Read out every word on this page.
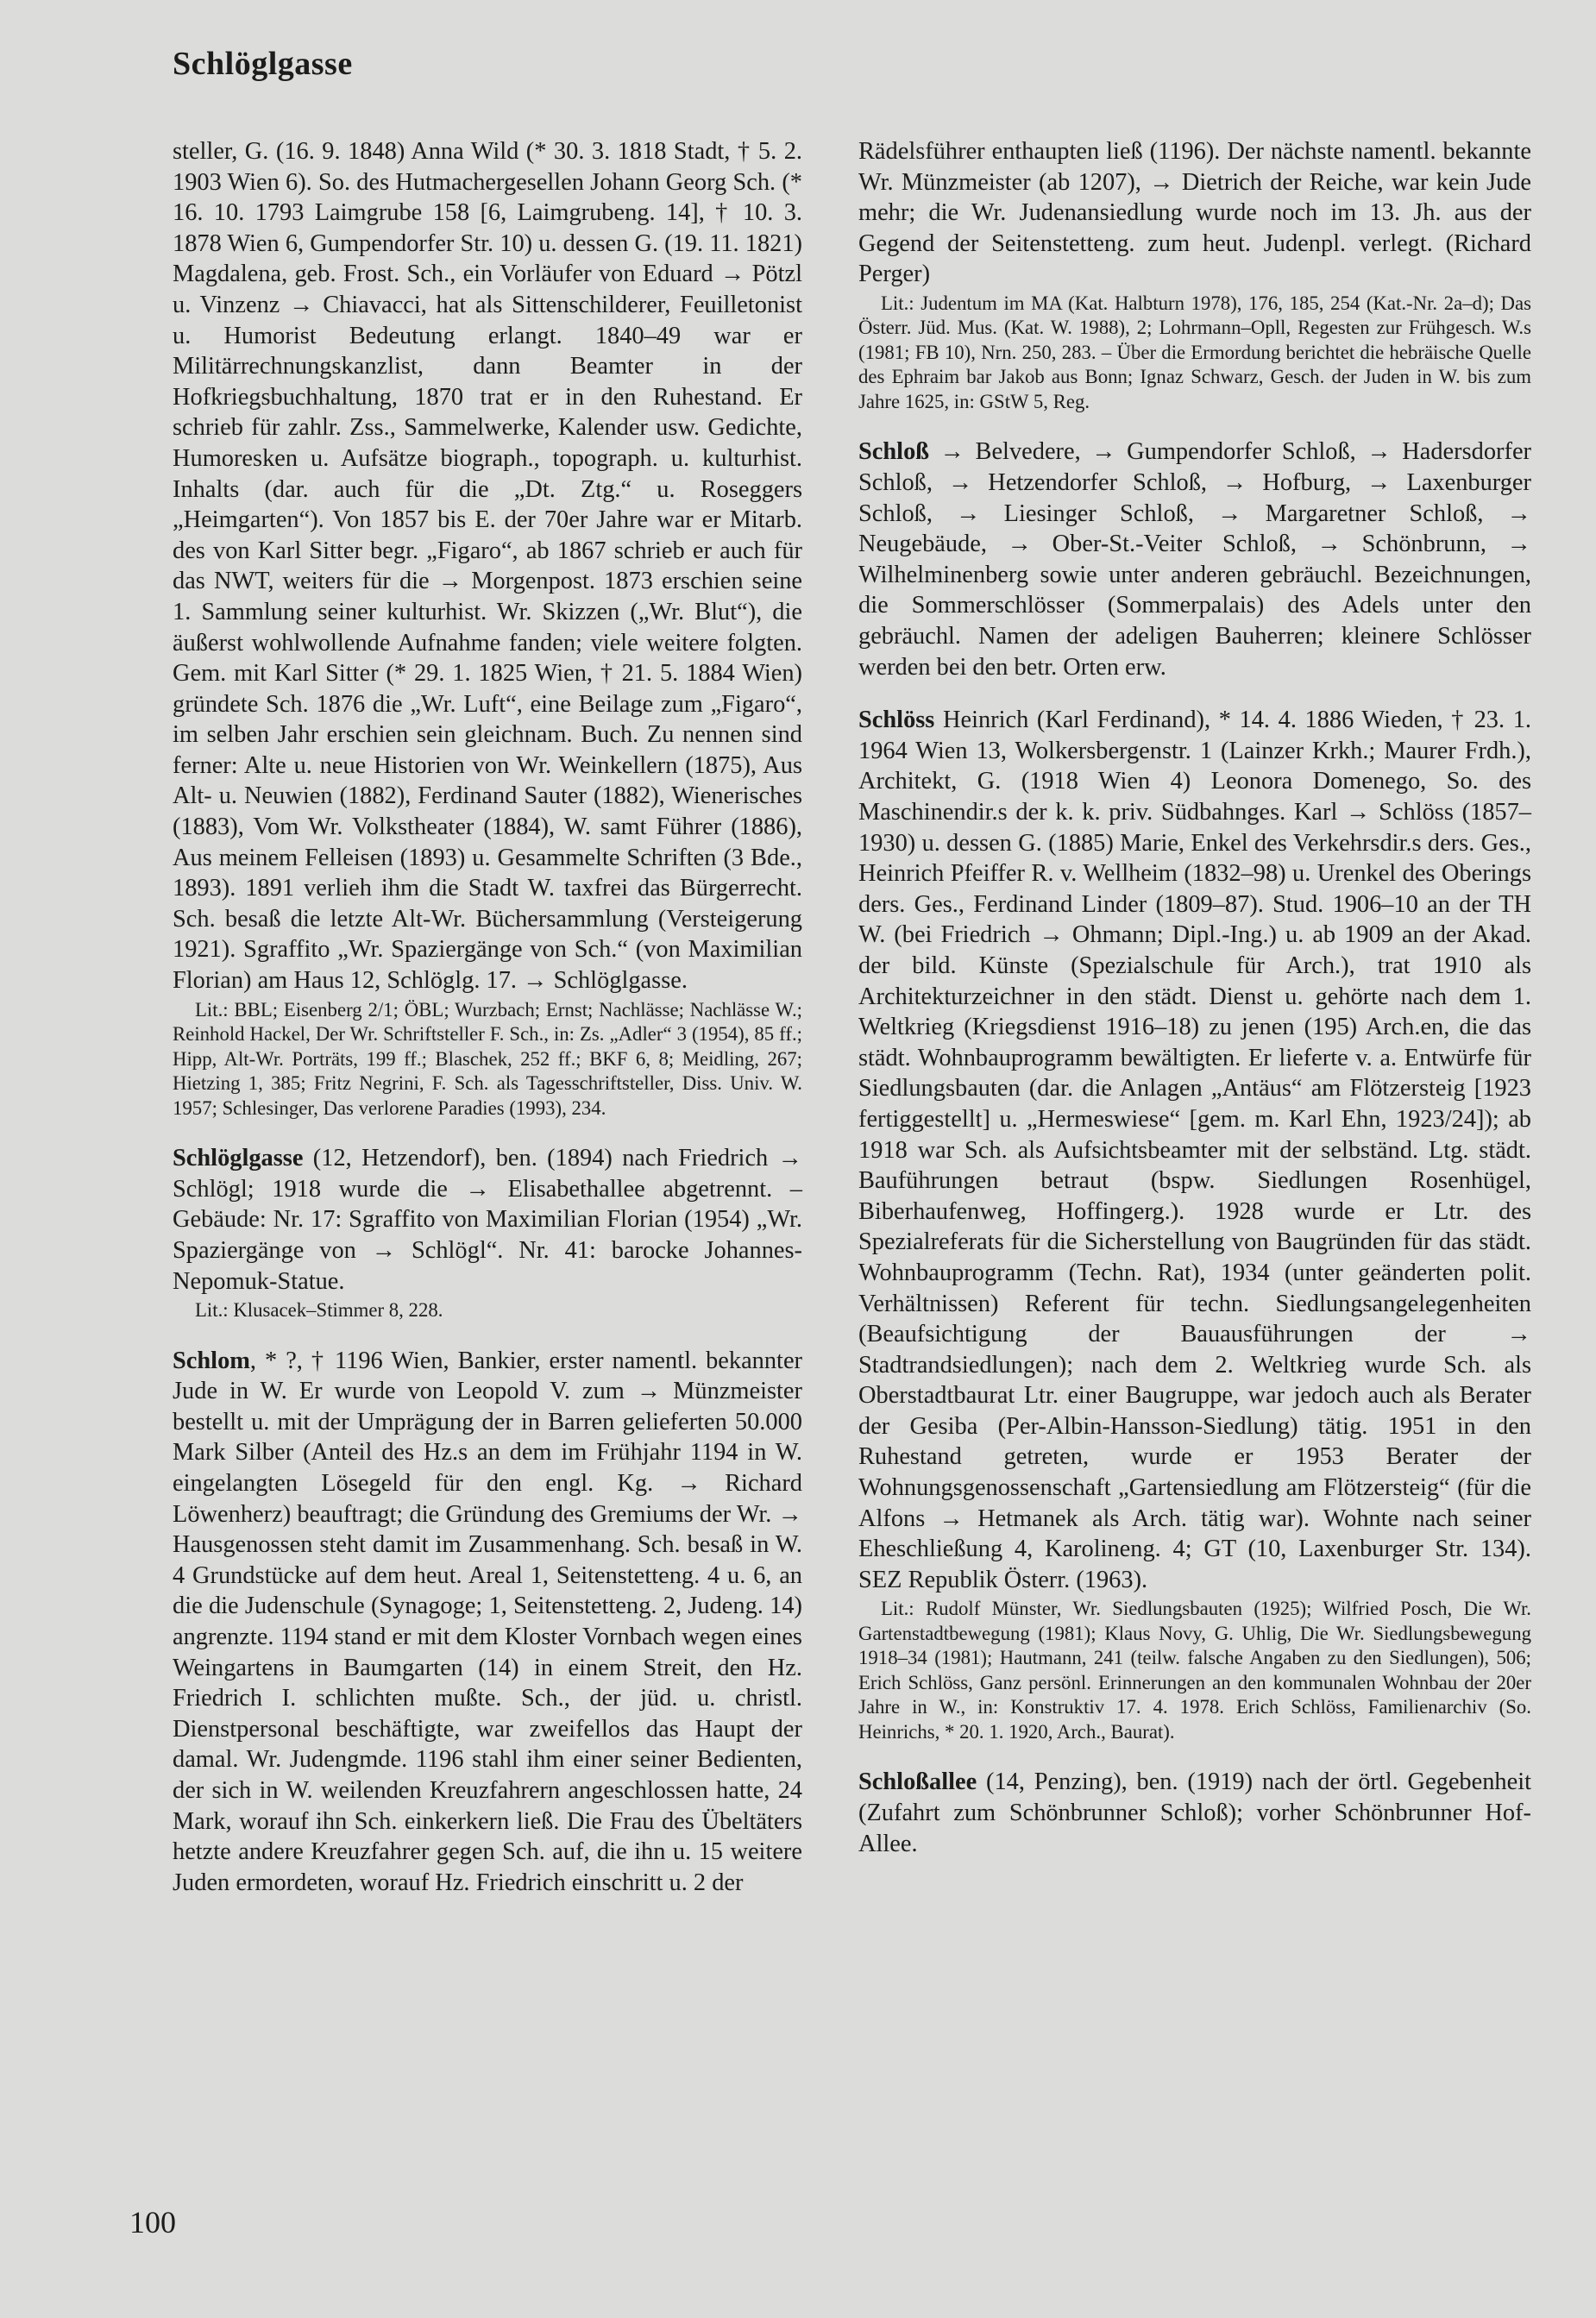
Schlöglgasse

steller, G. (16. 9. 1848) Anna Wild (* 30. 3. 1818 Stadt, † 5. 2. 1903 Wien 6). So. des Hutmachergesellen Johann Georg Sch. (* 16. 10. 1793 Laimgrube 158 [6, Laimgrubeng. 14], † 10. 3. 1878 Wien 6, Gumpendorfer Str. 10) u. dessen G. (19. 11. 1821) Magdalena, geb. Frost. Sch., ein Vorläufer von Eduard → Pötzl u. Vinzenz → Chiavacci, hat als Sittenschilderer, Feuilletonist u. Humorist Bedeutung erlangt. 1840–49 war er Militärrechnungskanzlist, dann Beamter in der Hofkriegsbuchhaltung, 1870 trat er in den Ruhestand. Er schrieb für zahlr. Zss., Sammelwerke, Kalender usw. Gedichte, Humoresken u. Aufsätze biograph., topograph. u. kulturhist. Inhalts (dar. auch für die „Dt. Ztg.“ u. Roseggers „Heimgarten“). Von 1857 bis E. der 70er Jahre war er Mitarb. des von Karl Sitter begr. „Figaro“, ab 1867 schrieb er auch für das NWT, weiters für die → Morgenpost. 1873 erschien seine 1. Sammlung seiner kulturhist. Wr. Skizzen („Wr. Blut“), die äußerst wohlwollende Aufnahme fanden; viele weitere folgten. Gem. mit Karl Sitter (* 29. 1. 1825 Wien, † 21. 5. 1884 Wien) gründete Sch. 1876 die „Wr. Luft“, eine Beilage zum „Figaro“, im selben Jahr erschien sein gleichnam. Buch. Zu nennen sind ferner: Alte u. neue Historien von Wr. Weinkellern (1875), Aus Alt- u. Neuwien (1882), Ferdinand Sauter (1882), Wienerisches (1883), Vom Wr. Volkstheater (1884), W. samt Führer (1886), Aus meinem Felleisen (1893) u. Gesammelte Schriften (3 Bde., 1893). 1891 verlieh ihm die Stadt W. taxfrei das Bürgerrecht. Sch. besaß die letzte Alt-Wr. Büchersammlung (Versteigerung 1921). Sgraffito „Wr. Spaziergänge von Sch.“ (von Maximilian Florian) am Haus 12, Schlöglg. 17. → Schlöglgasse.

Lit.: BBL; Eisenberg 2/1; ÖBL; Wurzbach; Ernst; Nachlässe; Nachlässe W.; Reinhold Hackel, Der Wr. Schriftsteller F. Sch., in: Zs. „Adler“ 3 (1954), 85 ff.; Hipp, Alt-Wr. Porträts, 199 ff.; Blaschek, 252 ff.; BKF 6, 8; Meidling, 267; Hietzing 1, 385; Fritz Negrini, F. Sch. als Tagesschriftsteller, Diss. Univ. W. 1957; Schlesinger, Das verlorene Paradies (1993), 234.

Schlöglgasse (12, Hetzendorf), ben. (1894) nach Friedrich → Schlögl; 1918 wurde die → Elisabethallee abgetrennt. – Gebäude: Nr. 17: Sgraffito von Maximilian Florian (1954) „Wr. Spaziergänge von → Schlögl“. Nr. 41: barocke Johannes-Nepomuk-Statue.

Lit.: Klusacek–Stimmer 8, 228.

Schlom, * ?, † 1196 Wien, Bankier, erster namentl. bekannter Jude in W. Er wurde von Leopold V. zum → Münzmeister bestellt u. mit der Umprägung der in Barren gelieferten 50.000 Mark Silber (Anteil des Hz.s an dem im Frühjahr 1194 in W. eingelangten Lösegeld für den engl. Kg. → Richard Löwenherz) beauftragt; die Gründung des Gremiums der Wr. → Hausgenossen steht damit im Zusammenhang. Sch. besaß in W. 4 Grundstücke auf dem heut. Areal 1, Seitenstetteng. 4 u. 6, an die die Judenschule (Synagoge; 1, Seitenstetteng. 2, Judeng. 14) angrenzte. 1194 stand er mit dem Kloster Vornbach wegen eines Weingartens in Baumgarten (14) in einem Streit, den Hz. Friedrich I. schlichten mußte. Sch., der jüd. u. christl. Dienstpersonal beschäftigte, war zweifellos das Haupt der damal. Wr. Judengmde. 1196 stahl ihm einer seiner Bedienten, der sich in W. weilenden Kreuzfahrern angeschlossen hatte, 24 Mark, worauf ihn Sch. einkerkern ließ. Die Frau des Übeltäters hetzte andere Kreuzfahrer gegen Sch. auf, die ihn u. 15 weitere Juden ermordeten, worauf Hz. Friedrich einschritt u. 2 der

Rädelsführer enthaupten ließ (1196). Der nächste namentl. bekannte Wr. Münzmeister (ab 1207), → Dietrich der Reiche, war kein Jude mehr; die Wr. Judenansiedlung wurde noch im 13. Jh. aus der Gegend der Seitenstetteng. zum heut. Judenpl. verlegt. (Richard Perger)

Lit.: Judentum im MA (Kat. Halbturn 1978), 176, 185, 254 (Kat.-Nr. 2a–d); Das Österr. Jüd. Mus. (Kat. W. 1988), 2; Lohrmann–Opll, Regesten zur Frühgesch. W.s (1981; FB 10), Nrn. 250, 283. – Über die Ermordung berichtet die hebräische Quelle des Ephraim bar Jakob aus Bonn; Ignaz Schwarz, Gesch. der Juden in W. bis zum Jahre 1625, in: GStW 5, Reg.

Schloß → Belvedere, → Gumpendorfer Schloß, → Hadersdorfer Schloß, → Hetzendorfer Schloß, → Hofburg, → Laxenburger Schloß, → Liesinger Schloß, → Margaretner Schloß, → Neugebäude, → Ober-St.-Veiter Schloß, → Schönbrunn, → Wilhelminenberg sowie unter anderen gebräuchl. Bezeichnungen, die Sommerschlösser (Sommerpalais) des Adels unter den gebräuchl. Namen der adeligen Bauherren; kleinere Schlösser werden bei den betr. Orten erw.

Schlöss Heinrich (Karl Ferdinand), * 14. 4. 1886 Wieden, † 23. 1. 1964 Wien 13, Wolkersbergenstr. 1 (Lainzer Krkh.; Maurer Frdh.), Architekt, G. (1918 Wien 4) Leonora Domenego, So. des Maschinendir.s der k. k. priv. Südbahnges. Karl → Schlöss (1857–1930) u. dessen G. (1885) Marie, Enkel des Verkehrsdir.s ders. Ges., Heinrich Pfeiffer R. v. Wellheim (1832–98) u. Urenkel des Oberings ders. Ges., Ferdinand Linder (1809–87). Stud. 1906–10 an der TH W. (bei Friedrich → Ohmann; Dipl.-Ing.) u. ab 1909 an der Akad. der bild. Künste (Spezialschule für Arch.), trat 1910 als Architekturzeichner in den städt. Dienst u. gehörte nach dem 1. Weltkrieg (Kriegsdienst 1916–18) zu jenen (195) Arch.en, die das städt. Wohnbauprogramm bewältigten. Er lieferte v. a. Entwürfe für Siedlungsbauten (dar. die Anlagen „Antäus“ am Flötzersteig [1923 fertiggestellt] u. „Hermeswiese“ [gem. m. Karl Ehn, 1923/24]); ab 1918 war Sch. als Aufsichtsbeamter mit der selbständ. Ltg. städt. Bauführungen betraut (bspw. Siedlungen Rosenhügel, Biberhaufenweg, Hoffingerg.). 1928 wurde er Ltr. des Spezialreferats für die Sicherstellung von Baugründen für das städt. Wohnbauprogramm (Techn. Rat), 1934 (unter geänderten polit. Verhältnissen) Referent für techn. Siedlungsangelegenheiten (Beaufsichtigung der Bauausführungen der → Stadtrandsiedlungen); nach dem 2. Weltkrieg wurde Sch. als Oberstadtbaurat Ltr. einer Baugruppe, war jedoch auch als Berater der Gesiba (Per-Albin-Hansson-Siedlung) tätig. 1951 in den Ruhestand getreten, wurde er 1953 Berater der Wohnungsgenossenschaft „Gartensiedlung am Flötzersteig“ (für die Alfons → Hetmanek als Arch. tätig war). Wohnte nach seiner Eheschließung 4, Karolineng. 4; GT (10, Laxenburger Str. 134). SEZ Republik Österr. (1963).

Lit.: Rudolf Münster, Wr. Siedlungsbauten (1925); Wilfried Posch, Die Wr. Gartenstadtbewegung (1981); Klaus Novy, G. Uhlig, Die Wr. Siedlungsbewegung 1918–34 (1981); Hautmann, 241 (teilw. falsche Angaben zu den Siedlungen), 506; Erich Schlöss, Ganz persönl. Erinnerungen an den kommunalen Wohnbau der 20er Jahre in W., in: Konstruktiv 17. 4. 1978. Erich Schlöss, Familienarchiv (So. Heinrichs, * 20. 1. 1920, Arch., Baurat).

Schloßallee (14, Penzing), ben. (1919) nach der örtl. Gegebenheit (Zufahrt zum Schönbrunner Schloß); vorher Schönbrunner Hof-Allee.

100
